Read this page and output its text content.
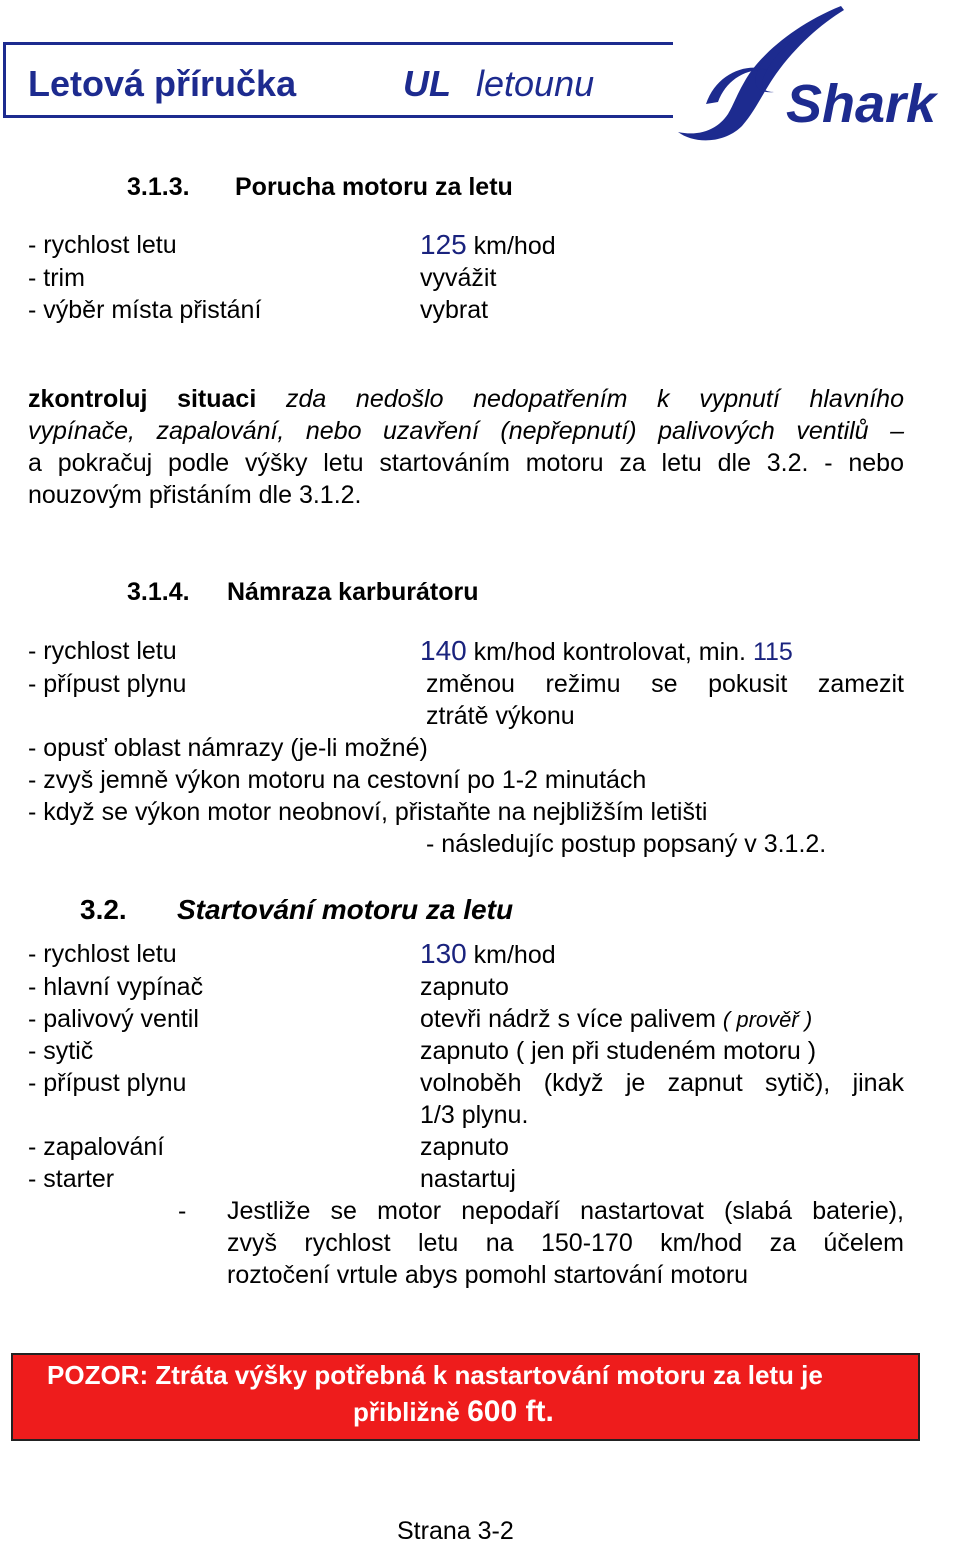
Letová příručka	UL letounu	Shark
3.1.3. Porucha motoru za letu
- rychlost letu	125 km/hod
- trim	vyvážit
- výběr místa přistání	vybrat
zkontroluj situaci zda nedošlo nedopatřením k vypnutí hlavního
vypínače, zapalování, nebo uzavření (nepřepnutí) palivových ventilů –
a pokračuj podle výšky letu startováním motoru za letu dle 3.2. - nebo
nouzovým přistáním dle 3.1.2.
3.1.4. Námraza karburátoru
- rychlost letu	140 km/hod kontrolovat, min. 115
- přípust plynu	změnou režimu se pokusit zamezit
ztrátě výkonu
- opusť oblast námrazy (je-li možné)
- zvyš jemně výkon motoru na cestovní po 1-2 minutách
- když se výkon motor neobnoví, přistaňte na nejbližším letišti
- následujíc postup popsaný v 3.1.2.
3.2. Startování motoru za letu
- rychlost letu	130 km/hod
- hlavní vypínač	zapnuto
- palivový ventil	otevři nádrž s více palivem ( prověř )
- sytič	zapnuto ( jen při studeném motoru )
- přípust plynu	volnoběh (když je zapnut sytič), jinak
1/3 plynu.
- zapalování	zapnuto
- starter	nastartuj
- Jestliže se motor nepodaří nastartovat (slabá baterie),
zvyš rychlost letu na 150-170 km/hod za účelem
roztočení vrtule abys pomohl startování motoru
POZOR: Ztráta výšky potřebná k nastartování motoru za letu je
přibližně 600 ft.
Strana 3-2
